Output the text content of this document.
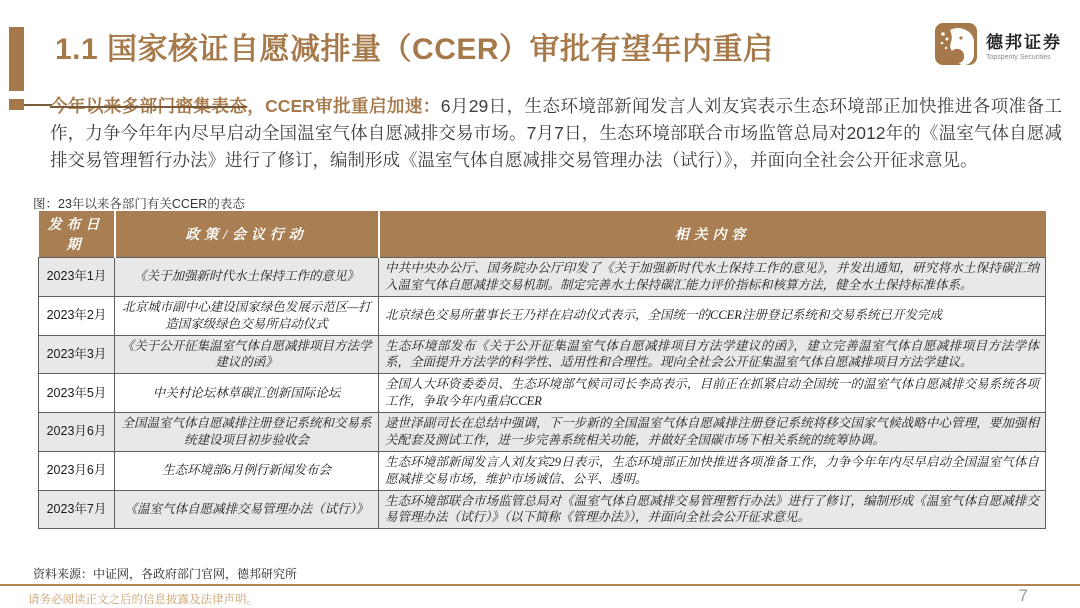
1.1 国家核证自愿减排量（CCER）审批有望年内重启	德邦证券
Topsperity Securities
今年以来多部门密集表态，CCER审批重启加速：6月29日，生态环境部新闻发言人刘友宾表示生态环境部正加快推进各项准备工作，力争今年年内尽早启动全国温室气体自愿减排交易市场。7月7日，生态环境部联合市场监管总局对2012年的《温室气体自愿减排交易管理暂行办法》进行了修订，编制形成《温室气体自愿减排交易管理办法（试行）》，并面向全社会公开征求意见。
图：23年以来各部门有关CCER的表态
发布日期	政策/会议行动	相关内容
2023年1月	《关于加强新时代水土保持工作的意见》	中共中央办公厅、国务院办公厅印发了《关于加强新时代水土保持工作的意见》，并发出通知，研究将水土保持碳汇纳入温室气体自愿减排交易机制。制定完善水土保持碳汇能力评价指标和核算方法，健全水土保持标准体系。
2023年2月	北京城市副中心建设国家绿色发展示范区—打造国家级绿色交易所启动仪式	北京绿色交易所董事长王乃祥在启动仪式表示，全国统一的CCER注册登记系统和交易系统已开发完成
2023年3月	《关于公开征集温室气体自愿减排项目方法学建议的函》	生态环境部发布《关于公开征集温室气体自愿减排项目方法学建议的函》，建立完善温室气体自愿减排项目方法学体系，全面提升方法学的科学性、适用性和合理性。现向全社会公开征集温室气体自愿减排项目方法学建议。
2023年5月	中关村论坛林草碳汇创新国际论坛	全国人大环资委委员、生态环境部气候司司长李高表示，目前正在抓紧启动全国统一的温室气体自愿减排交易系统各项工作，争取今年内重启CCER
2023月6月	全国温室气体自愿减排注册登记系统和交易系统建设项目初步验收会	逯世泽副司长在总结中强调，下一步新的全国温室气体自愿减排注册登记系统将移交国家气候战略中心管理，要加强相关配套及测试工作，进一步完善系统相关功能，并做好全国碳市场下相关系统的统筹协调。
2023月6月	生态环境部6月例行新闻发布会	生态环境部新闻发言人刘友宾29日表示，生态环境部正加快推进各项准备工作，力争今年年内尽早启动全国温室气体自愿减排交易市场，维护市场诚信、公平、透明。
2023年7月	《温室气体自愿减排交易管理办法（试行）》	生态环境部联合市场监管总局对《温室气体自愿减排交易管理暂行办法》进行了修订，编制形成《温室气体自愿减排交易管理办法（试行）》（以下简称《管理办法》），并面向全社会公开征求意见。
资料来源：中证网，各政府部门官网，德邦研究所
请务必阅读正文之后的信息披露及法律声明。	7
